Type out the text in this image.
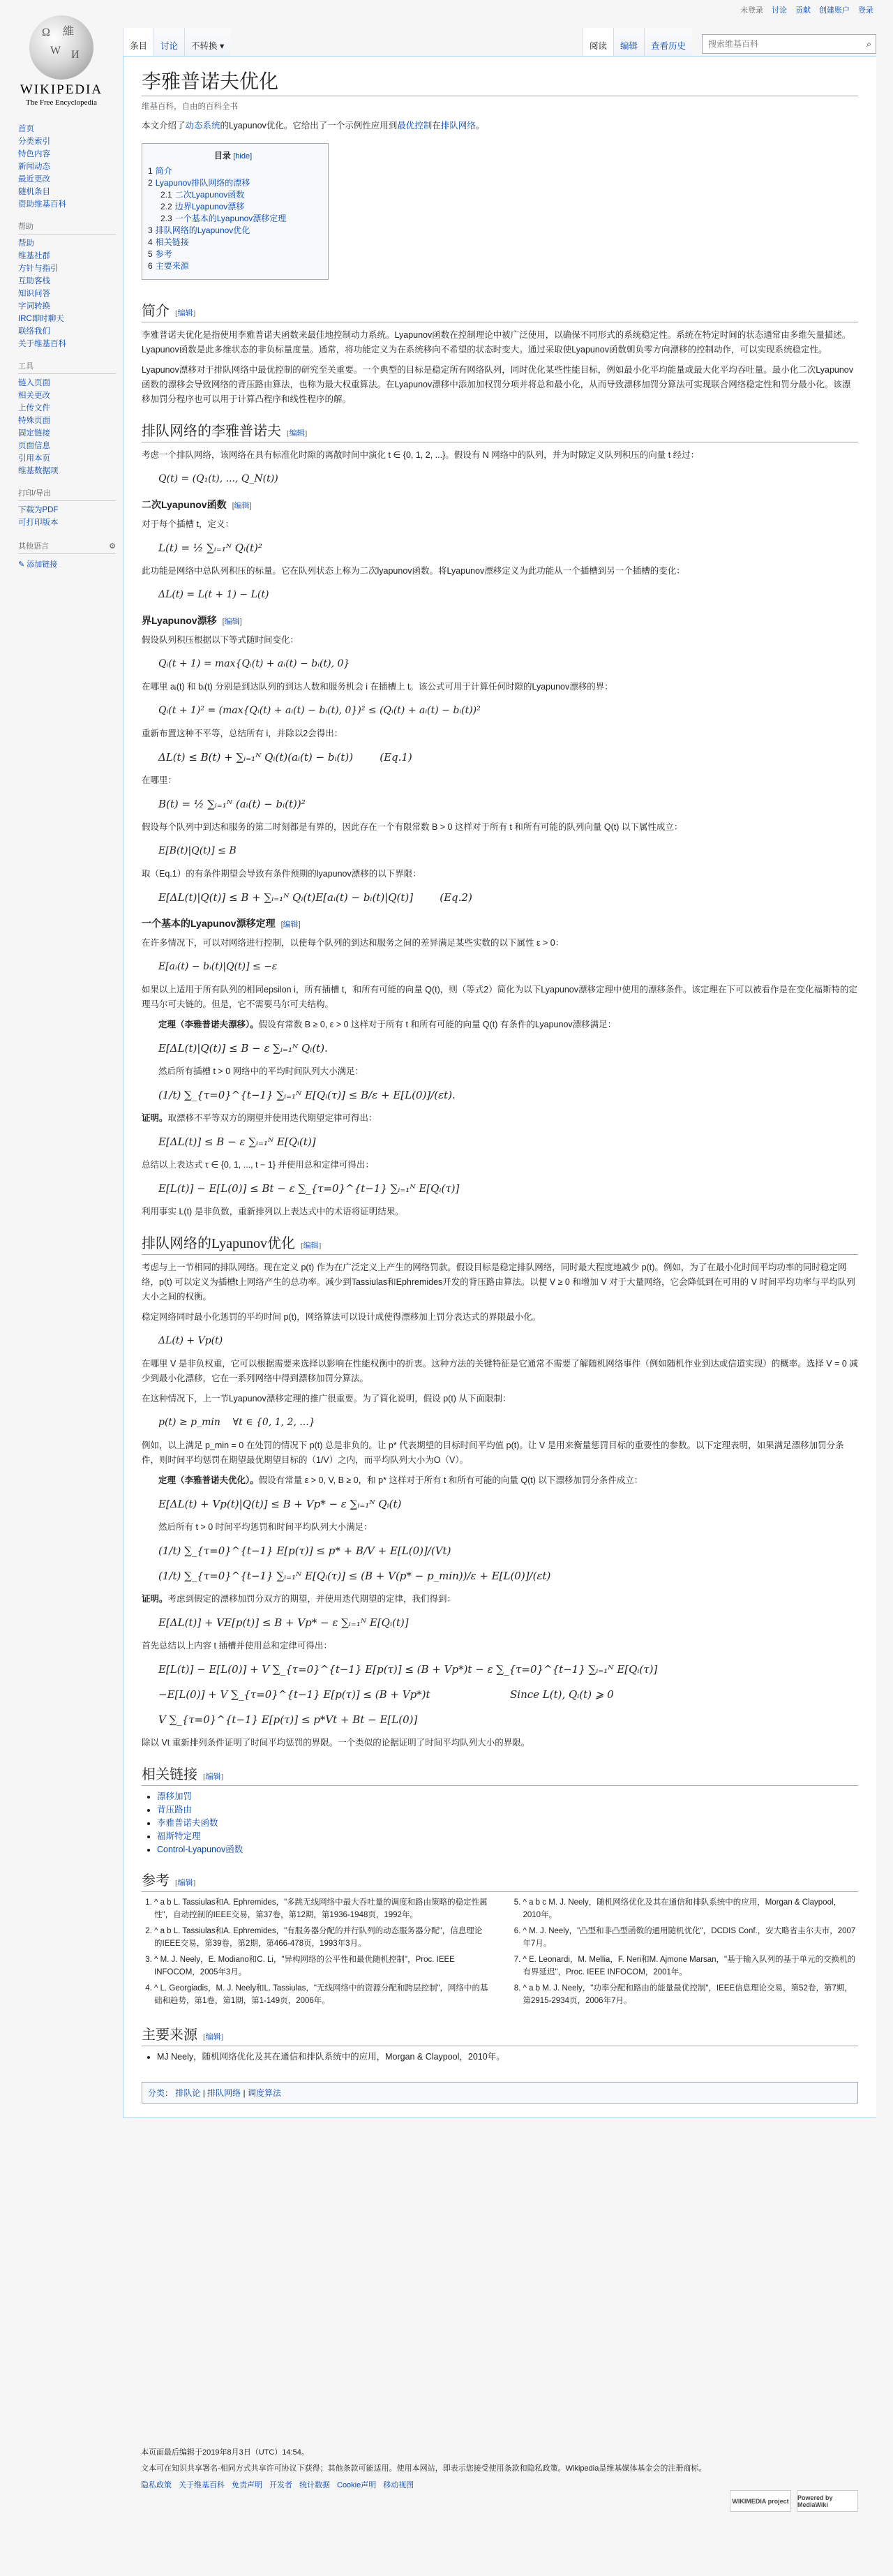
未登录 讨论 贡献 创建账户 登录
Ω 維
W И
WIKIPEDIA
The Free Encyclopedia
首页
分类索引
特色内容
新闻动态
最近更改
随机条目
资助维基百科
帮助
帮助
维基社群
方针与指引
互助客栈
知识问答
字词转换
IRC即时聊天
联络我们
关于维基百科
工具
链入页面
相关更改
上传文件
特殊页面
固定链接
页面信息
引用本页
维基数据项
打印/导出
下载为PDF
可打印版本
其他语言	⚙
✎ 添加链接
条目	讨论	不转换 ▾	阅读	编辑	查看历史
搜索维基百科	⌕
李雅普诺夫优化
维基百科，自由的百科全书

本文介绍了动态系统的Lyapunov优化。它给出了一个示例性应用到最优控制在排队网络。

目录 [hide]
1 简介
2 Lyapunov排队网络的漂移
2.1 二次Lyapunov函数
2.2 边界Lyapunov漂移
2.3 一个基本的Lyapunov漂移定理
3 排队网络的Lyapunov优化
4 相关链接
5 参考
6 主要来源
简介 [编辑]

李雅普诺夫优化是指使用李雅普诺夫函数来最佳地控制动力系统。Lyapunov函数在控制理论中被广泛使用，以确保不同形式的系统稳定性。系统在特定时间的状态通常由多维矢量描述。Lyapunov函数是此多维状态的非负标量度量。通常，将功能定义为在系统移向不希望的状态时变大。通过采取使Lyapunov函数朝负零方向漂移的控制动作，可以实现系统稳定性。

Lyapunov漂移对于排队网络中最优控制的研究至关重要。一个典型的目标是稳定所有网络队列，同时优化某些性能目标，例如最小化平均能量或最大化平均吞吐量。最小化二次Lyapunov函数的漂移会导致网络的背压路由算法，也称为最大权重算法。在Lyapunov漂移中添加加权罚分项并将总和最小化，从而导致漂移加罚分算法可实现联合网络稳定性和罚分最小化。该漂移加罚分程序也可以用于计算凸程序和线性程序的解。

排队网络的李雅普诺夫 [编辑]

考虑一个排队网络，该网络在具有标准化时隙的离散时间中演化 t ∈ {0, 1, 2, ...}。假设有 N 网络中的队列，并为时隙定义队列积压的向量 t 经过：

Q(t) = (Q₁(t), ..., Q_N(t))
二次Lyapunov函数 [编辑]

对于每个插槽 t，定义：

L(t) = ½ ∑ᵢ₌₁ᴺ Qᵢ(t)²

此功能是网络中总队列积压的标量。它在队列状态上称为二次lyapunov函数。将Lyapunov漂移定义为此功能从一个插槽到另一个插槽的变化：

ΔL(t) = L(t + 1) − L(t)
界Lyapunov漂移 [编辑]

假设队列积压根据以下等式随时间变化：

Qᵢ(t + 1) = max{Qᵢ(t) + aᵢ(t) − bᵢ(t), 0}

在哪里 aᵢ(t) 和 bᵢ(t) 分别是到达队列的到达人数和服务机会 i 在插槽上 t。该公式可用于计算任何时隙的Lyapunov漂移的界：

Qᵢ(t + 1)² = (max{Qᵢ(t) + aᵢ(t) − bᵢ(t), 0})² ≤ (Qᵢ(t) + aᵢ(t) − bᵢ(t))²

重新布置这种不平等，总结所有 i，并除以2会得出：

ΔL(t) ≤ B(t) + ∑ᵢ₌₁ᴺ Qᵢ(t)(aᵢ(t) − bᵢ(t))        (Eq.1)

在哪里：

B(t) = ½ ∑ᵢ₌₁ᴺ (aᵢ(t) − bᵢ(t))²

假设每个队列中到达和服务的第二时刻都是有界的，因此存在一个有限常数 B > 0 这样对于所有 t 和所有可能的队列向量 Q(t) 以下属性成立：

E[B(t)|Q(t)] ≤ B

取（Eq.1）的有条件期望会导致有条件预期的lyapunov漂移的以下界限：

E[ΔL(t)|Q(t)] ≤ B + ∑ᵢ₌₁ᴺ Qᵢ(t)E[aᵢ(t) − bᵢ(t)|Q(t)]        (Eq.2)
一个基本的Lyapunov漂移定理 [编辑]

在许多情况下，可以对网络进行控制，以使每个队列的到达和服务之间的差异满足某些实数的以下属性 ε > 0：

E[aᵢ(t) − bᵢ(t)|Q(t)] ≤ −ε

如果以上适用于所有队列的相同epsilon i，所有插槽 t，和所有可能的向量 Q(t)，则（等式2）简化为以下Lyapunov漂移定理中使用的漂移条件。该定理在下可以被看作是在变化福斯特的定理马尔可夫链的。但是，它不需要马尔可夫结构。

定理（李雅普诺夫漂移）。假设有常数 B ≥ 0, ε > 0 这样对于所有 t 和所有可能的向量 Q(t) 有条件的Lyapunov漂移满足：

E[ΔL(t)|Q(t)] ≤ B − ε ∑ᵢ₌₁ᴺ Qᵢ(t).

然后所有插槽 t > 0 网络中的平均时间队列大小满足：

(1/t) ∑_{τ=0}^{t−1} ∑ᵢ₌₁ᴺ E[Qᵢ(τ)] ≤ B/ε + E[L(0)]/(εt).

证明。取漂移不平等双方的期望并使用迭代期望定律可得出：

E[ΔL(t)] ≤ B − ε ∑ᵢ₌₁ᴺ E[Qᵢ(t)]

总结以上表达式 τ ∈ {0, 1, ..., t − 1} 并使用总和定律可得出：

E[L(t)] − E[L(0)] ≤ Bt − ε ∑_{τ=0}^{t−1} ∑ᵢ₌₁ᴺ E[Qᵢ(τ)]

利用事实 L(t) 是非负数，重新排列以上表达式中的术语将证明结果。

排队网络的Lyapunov优化 [编辑]

考虑与上一节相同的排队网络。现在定义 p(t) 作为在广泛定义上产生的网络罚款。假设目标是稳定排队网络，同时最大程度地减少 p(t)。例如，为了在最小化时间平均功率的同时稳定网络，p(t) 可以定义为插槽t上网络产生的总功率。减少到Tassiulas和Ephremides开发的背压路由算法。以便 V ≥ 0 和增加 V 对于大量网络，它会降低到在可用的 V 时间平均功率与平均队列大小之间的权衡。

稳定网络同时最小化惩罚的平均时间 p(t)，网络算法可以设计成使得漂移加上罚分表达式的界限最小化。

ΔL(t) + Vp(t)

在哪里 V 是非负权重，它可以根据需要来选择以影响在性能权衡中的折衷。这种方法的关键特征是它通常不需要了解随机网络事件（例如随机作业到达或信道实现）的概率。选择 V = 0 减少到最小化漂移，它在一系列网络中得到漂移加罚分算法。

在这种情况下，上一节Lyapunov漂移定理的推广很重要。为了简化说明，假设 p(t) 从下面限制：

p(t) ≥ p_min    ∀t ∈ {0, 1, 2, ...}

例如，以上满足 p_min = 0 在处罚的情况下 p(t) 总是非负的。让 p* 代表期望的目标时间平均值 p(t)。让 V 是用来衡量惩罚目标的重要性的参数。以下定理表明，如果满足漂移加罚分条件，则时间平均惩罚在期望最优期望目标的（1/V）之内，而平均队列大小为O（V）。

定理（李雅普诺夫优化）。假设有常量 ε > 0, V, B ≥ 0，和 p* 这样对于所有 t 和所有可能的向量 Q(t) 以下漂移加罚分条件成立：

E[ΔL(t) + Vp(t)|Q(t)] ≤ B + Vp* − ε ∑ᵢ₌₁ᴺ Qᵢ(t)

然后所有 t > 0 时间平均惩罚和时间平均队列大小满足：

(1/t) ∑_{τ=0}^{t−1} E[p(τ)] ≤ p* + B/V + E[L(0)]/(Vt)
(1/t) ∑_{τ=0}^{t−1} ∑ᵢ₌₁ᴺ E[Qᵢ(τ)] ≤ (B + V(p* − p_min))/ε + E[L(0)]/(εt)

证明。考虑到假定的漂移加罚分双方的期望，并使用迭代期望的定律，我们得到：

E[ΔL(t)] + VE[p(t)] ≤ B + Vp* − ε ∑ᵢ₌₁ᴺ E[Qᵢ(t)]

首先总结以上内容 t 插槽并使用总和定律可得出：

E[L(t)] − E[L(0)] + V ∑_{τ=0}^{t−1} E[p(τ)] ≤ (B + Vp*)t − ε ∑_{τ=0}^{t−1} ∑ᵢ₌₁ᴺ E[Qᵢ(τ)]
−E[L(0)] + V ∑_{τ=0}^{t−1} E[p(τ)] ≤ (B + Vp*)t	Since L(t), Qᵢ(t) ⩾ 0
V ∑_{τ=0}^{t−1} E[p(τ)] ≤ p*Vt + Bt − E[L(0)]

除以 Vt 重新排列条件证明了时间平均惩罚的界限。一个类似的论据证明了时间平均队列大小的界限。

相关链接 [编辑]
• 漂移加罚
• 背压路由
• 李雅普诺夫函数
• 福斯特定理
• Control-Lyapunov函数
参考 [编辑]
1. ^ a b L. Tassiulas和A. Ephremides，"多跳无线网络中最大吞吐量的调度和路由策略的稳定性属性"，自动控制的IEEE交易，第37卷，第12期，第1936-1948页，1992年。
2. ^ a b L. Tassiulas和A. Ephremides，"有服务器分配的并行队列的动态服务器分配"，信息理论的IEEE交易，第39卷，第2期，第466-478页，1993年3月。
3. ^ M. J. Neely，E. Modiano和C. Li，"异构网络的公平性和最优随机控制"，Proc. IEEE INFOCOM，2005年3月。
4. ^ L. Georgiadis，M. J. Neely和L. Tassiulas，"无线网络中的资源分配和跨层控制"，网络中的基础和趋势，第1卷，第1期，第1-149页，2006年。
5. ^ a b c M. J. Neely，随机网络优化及其在通信和排队系统中的应用，Morgan & Claypool，2010年。
6. ^ M. J. Neely，"凸型和非凸型函数的通用随机优化"，DCDIS Conf.，安大略省圭尔夫市，2007年7月。
7. ^ E. Leonardi，M. Mellia，F. Neri和M. Ajmone Marsan，"基于输入队列的基于单元的交换机的有界延迟"，Proc. IEEE INFOCOM，2001年。
8. ^ a b M. J. Neely，"功率分配和路由的能量最优控制"，IEEE信息理论交易，第52卷，第7期，第2915-2934页，2006年7月。
主要来源 [编辑]
• MJ Neely，随机网络优化及其在通信和排队系统中的应用，Morgan & Claypool，2010年。
分类： 排队论 | 排队网络 | 调度算法

本页面最后编辑于2019年8月3日（UTC）14:54。

文本可在知识共享署名-相同方式共享许可协议下获得；其他条款可能适用。使用本网站，即表示您接受使用条款和隐私政策。Wikipedia是维基媒体基金会的注册商标。

隐私政策 关于维基百科 免责声明 开发者 统计数据 Cookie声明 移动视图
WIKIMEDIA project	Powered by MediaWiki
